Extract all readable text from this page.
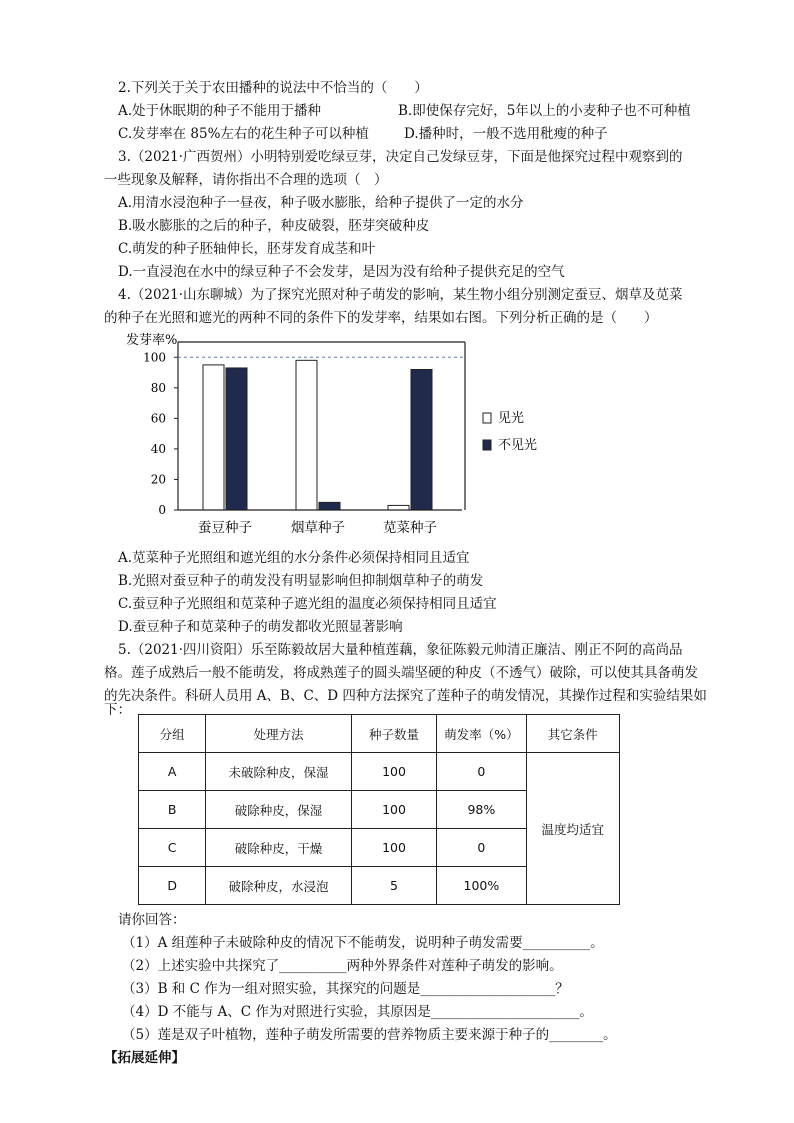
2.下列关于关于农田播种的说法中不恰当的（　　）
A.处于休眠期的种子不能用于播种	B.即使保存完好，5年以上的小麦种子也不可种植
C.发芽率在 85%左右的花生种子可以种植	D.播种时，一般不选用秕瘦的种子
3.（2021·广西贺州）小明特别爱吃绿豆芽，决定自己发绿豆芽，下面是他探究过程中观察到的
一些现象及解释，请你指出不合理的选项（　）
A.用清水浸泡种子一昼夜，种子吸水膨胀，给种子提供了一定的水分
B.吸水膨胀的之后的种子，种皮破裂，胚芽突破种皮
C.萌发的种子胚轴伸长，胚芽发育成茎和叶
D.一直浸泡在水中的绿豆种子不会发芽，是因为没有给种子提供充足的空气
4.（2021·山东聊城）为了探究光照对种子萌发的影响，某生物小组分别测定蚕豆、烟草及苋菜
的种子在光照和遮光的两种不同的条件下的发芽率，结果如右图。下列分析正确的是（　　）
发芽率%
0
20
40
60
80
100
蚕豆种子	烟草种子	苋菜种子
见光
不见光
A.苋菜种子光照组和遮光组的水分条件必须保持相同且适宜
B.光照对蚕豆种子的萌发没有明显影响但抑制烟草种子的萌发
C.蚕豆种子光照组和苋菜种子遮光组的温度必须保持相同且适宜
D.蚕豆种子和苋菜种子的萌发都收光照显著影响
5.（2021·四川资阳）乐至陈毅故居大量种植莲藕，象征陈毅元帅清正廉洁、刚正不阿的高尚品
格。莲子成熟后一般不能萌发，将成熟莲子的圆头端坚硬的种皮（不透气）破除，可以使其具备萌发
的先决条件。科研人员用 A、B、C、D 四种方法探究了莲种子的萌发情况，其操作过程和实验结果如
分组	处理方法	种子数量	萌发率（%）	其它条件
A	未破除种皮，保湿	100	0	温度均适宜
B	破除种皮，保湿	100	98%	
C	破除种皮，干燥	100	0	
D	破除种皮，水浸泡	5	100%	
下：
请你回答：
（1）A 组莲种子未破除种皮的情况下不能萌发，说明种子萌发需要__________。
（2）上述实验中共探究了__________两种外界条件对莲种子萌发的影响。
（3）B 和 C 作为一组对照实验，其探究的问题是____________________？
（4）D 不能与 A、C 作为对照进行实验，其原因是______________________。
（5）莲是双子叶植物，莲种子萌发所需要的营养物质主要来源于种子的________。
【拓展延伸】
